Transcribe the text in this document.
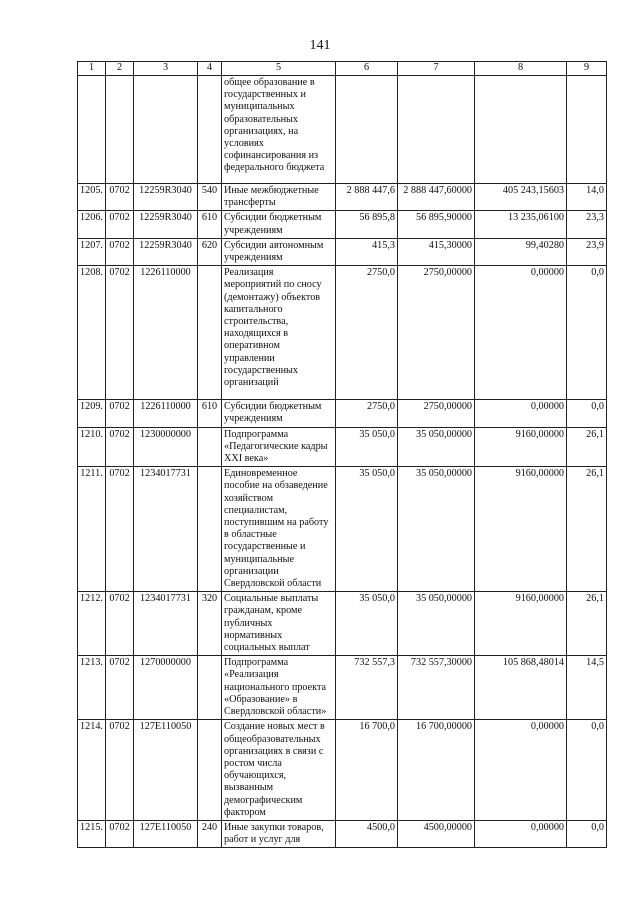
141
1	2	3	4	5	6	7	8	9
				общее образование в государственных и муниципальных образовательных организациях, на условиях софинансирования из федерального бюджета				
1205.	0702	12259R3040	540	Иные межбюджетные трансферты	2 888 447,6	2 888 447,60000	405 243,15603	14,0
1206.	0702	12259R3040	610	Субсидии бюджетным учреждениям	56 895,8	56 895,90000	13 235,06100	23,3
1207.	0702	12259R3040	620	Субсидии автономным учреждениям	415,3	415,30000	99,40280	23,9
1208.	0702	1226110000		Реализация мероприятий по сносу (демонтажу) объектов капитального строительства, находящихся в оперативном управлении государственных организаций	2750,0	2750,00000	0,00000	0,0
1209.	0702	1226110000	610	Субсидии бюджетным учреждениям	2750,0	2750,00000	0,00000	0,0
1210.	0702	1230000000		Подпрограмма «Педагогические кадры XXI века»	35 050,0	35 050,00000	9160,00000	26,1
1211.	0702	1234017731		Единовременное пособие на обзаведение хозяйством специалистам, поступившим на работу в областные государственные и муниципальные организации Свердловской области	35 050,0	35 050,00000	9160,00000	26,1
1212.	0702	1234017731	320	Социальные выплаты гражданам, кроме публичных нормативных социальных выплат	35 050,0	35 050,00000	9160,00000	26,1
1213.	0702	1270000000		Подпрограмма «Реализация национального проекта «Образование» в Свердловской области»	732 557,3	732 557,30000	105 868,48014	14,5
1214.	0702	127E110050		Создание новых мест в общеобразовательных организациях в связи с ростом числа обучающихся, вызванным демографическим фактором	16 700,0	16 700,00000	0,00000	0,0
1215.	0702	127E110050	240	Иные закупки товаров, работ и услуг для	4500,0	4500,00000	0,00000	0,0
